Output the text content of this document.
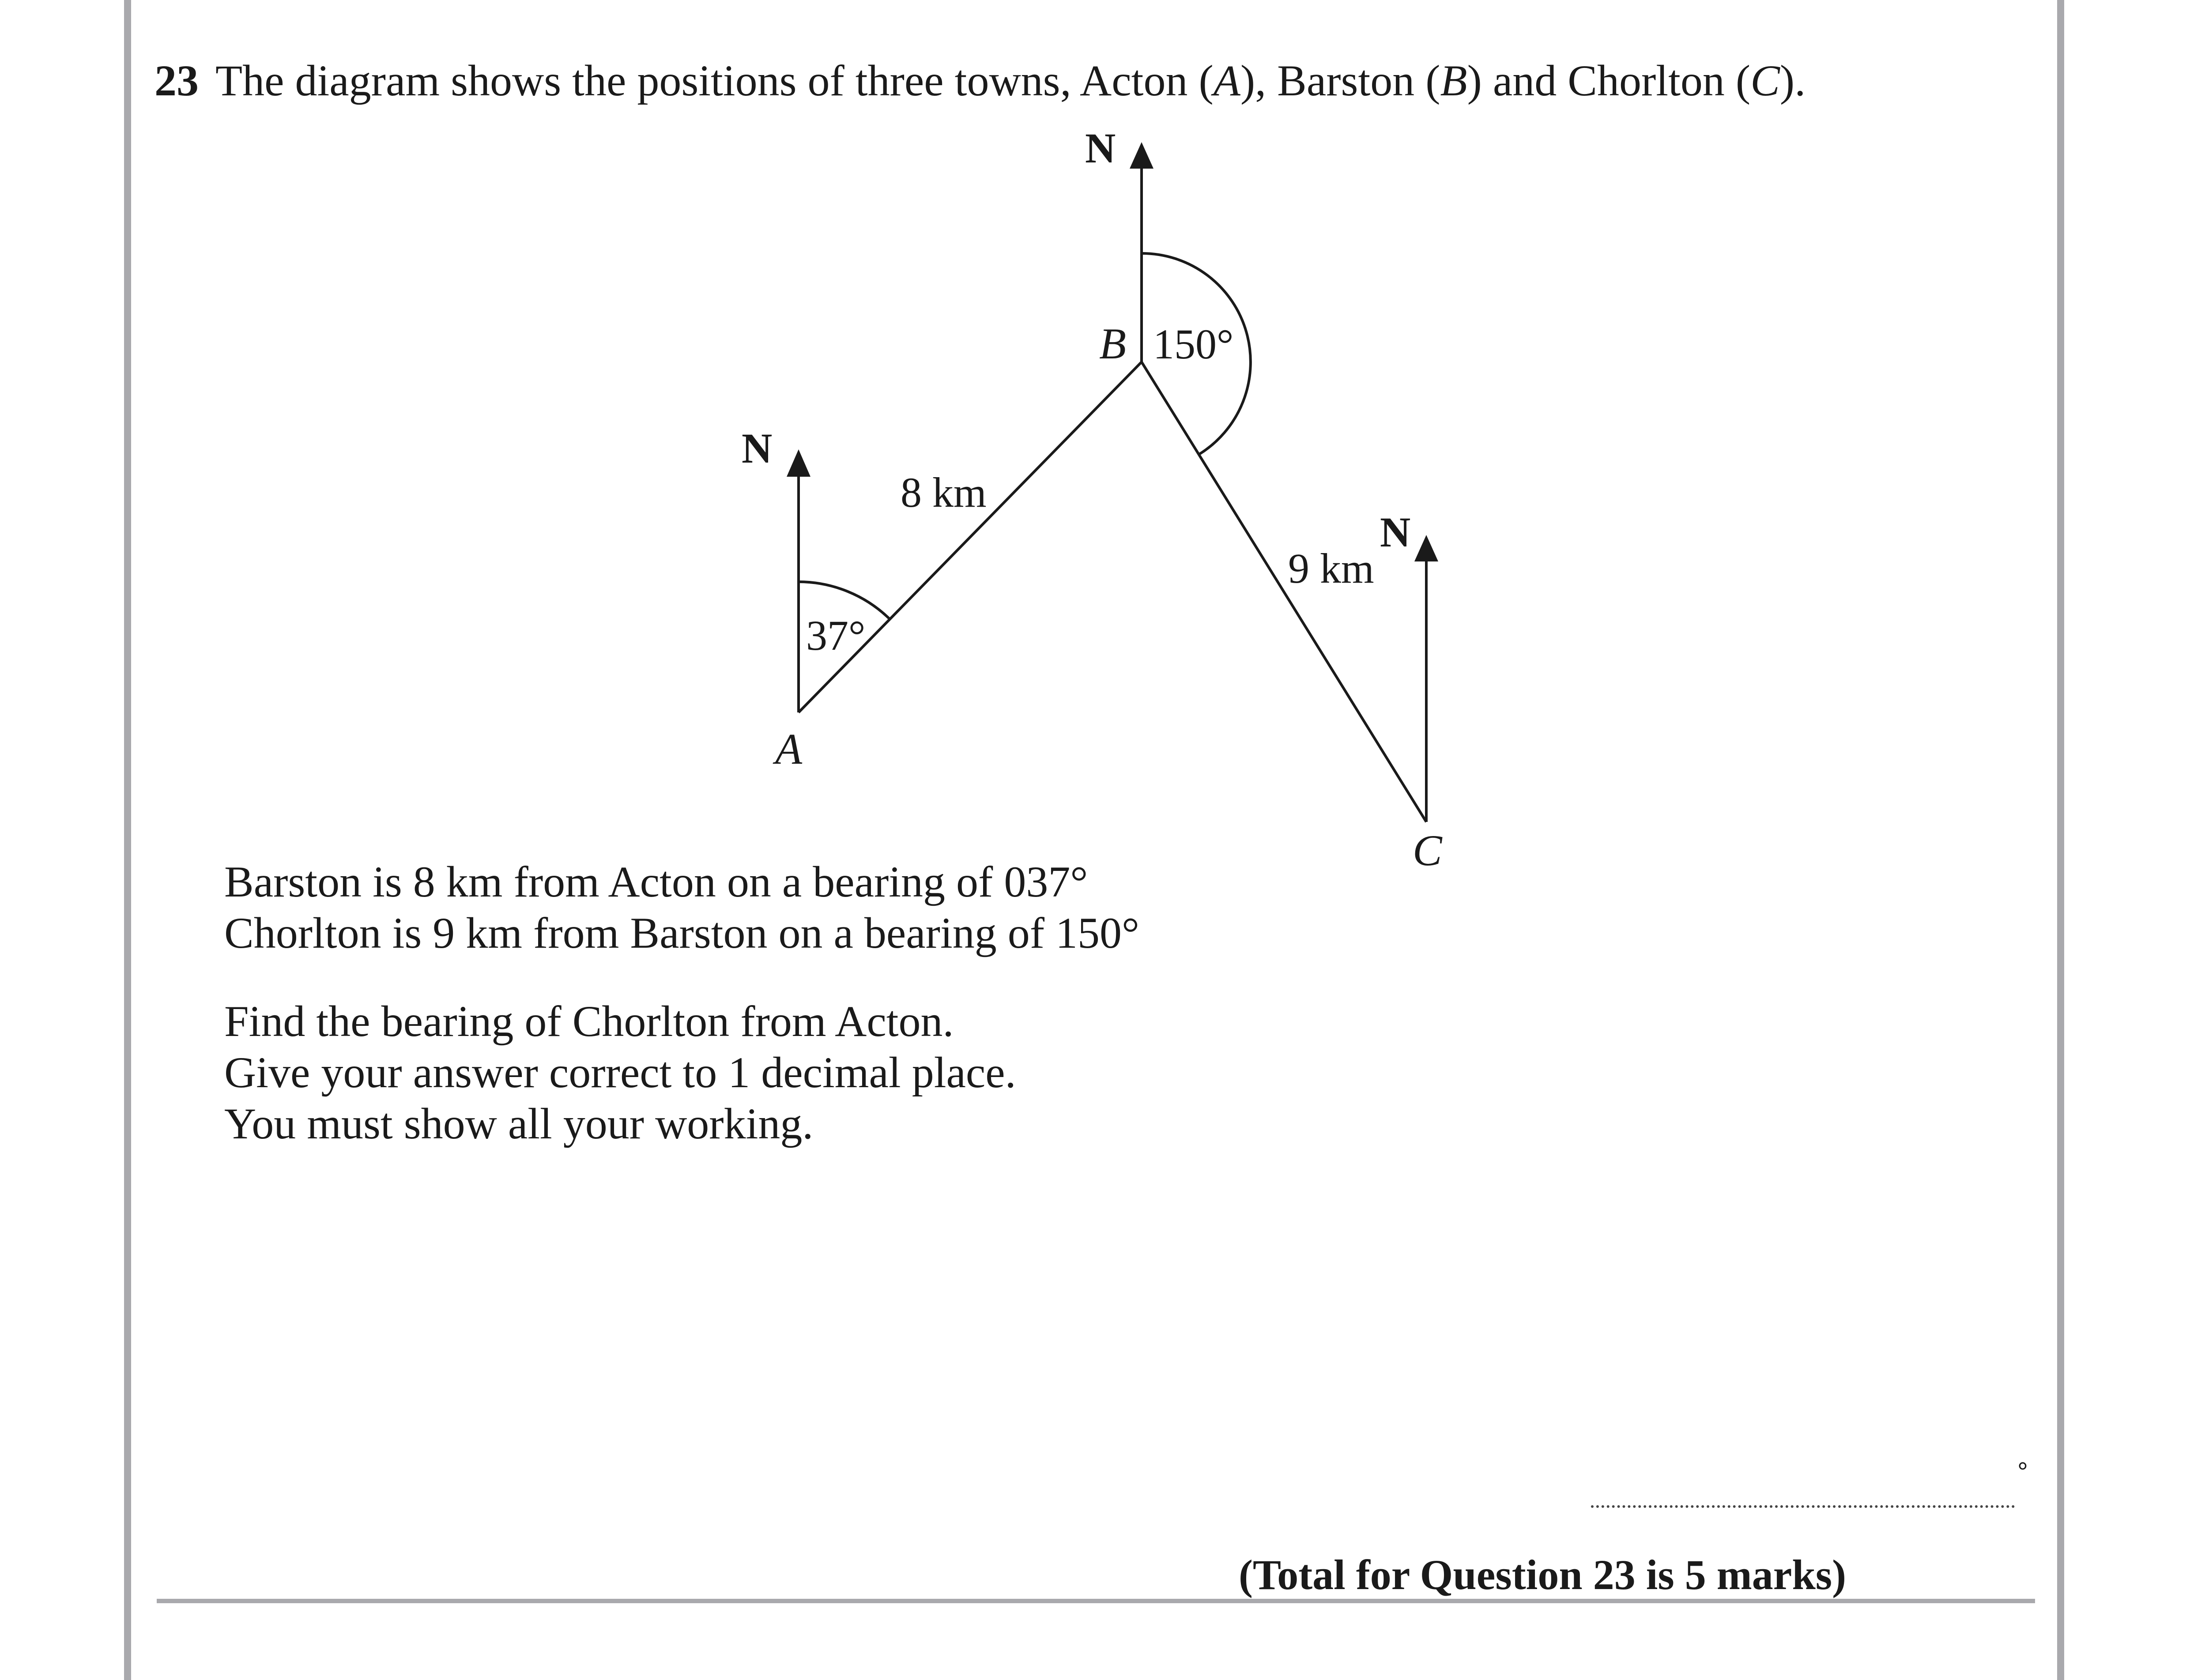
23 The diagram shows the positions of three towns, Acton (A), Barston (B) and Chorlton (C).
N
N
N
A
B
C
37°
150°
8 km
9 km
Barston is 8 km from Acton on a bearing of 037°
Chorlton is 9 km from Barston on a bearing of 150°
Find the bearing of Chorlton from Acton.
Give your answer correct to 1 decimal place.
You must show all your working.
°
(Total for Question 23 is 5 marks)
